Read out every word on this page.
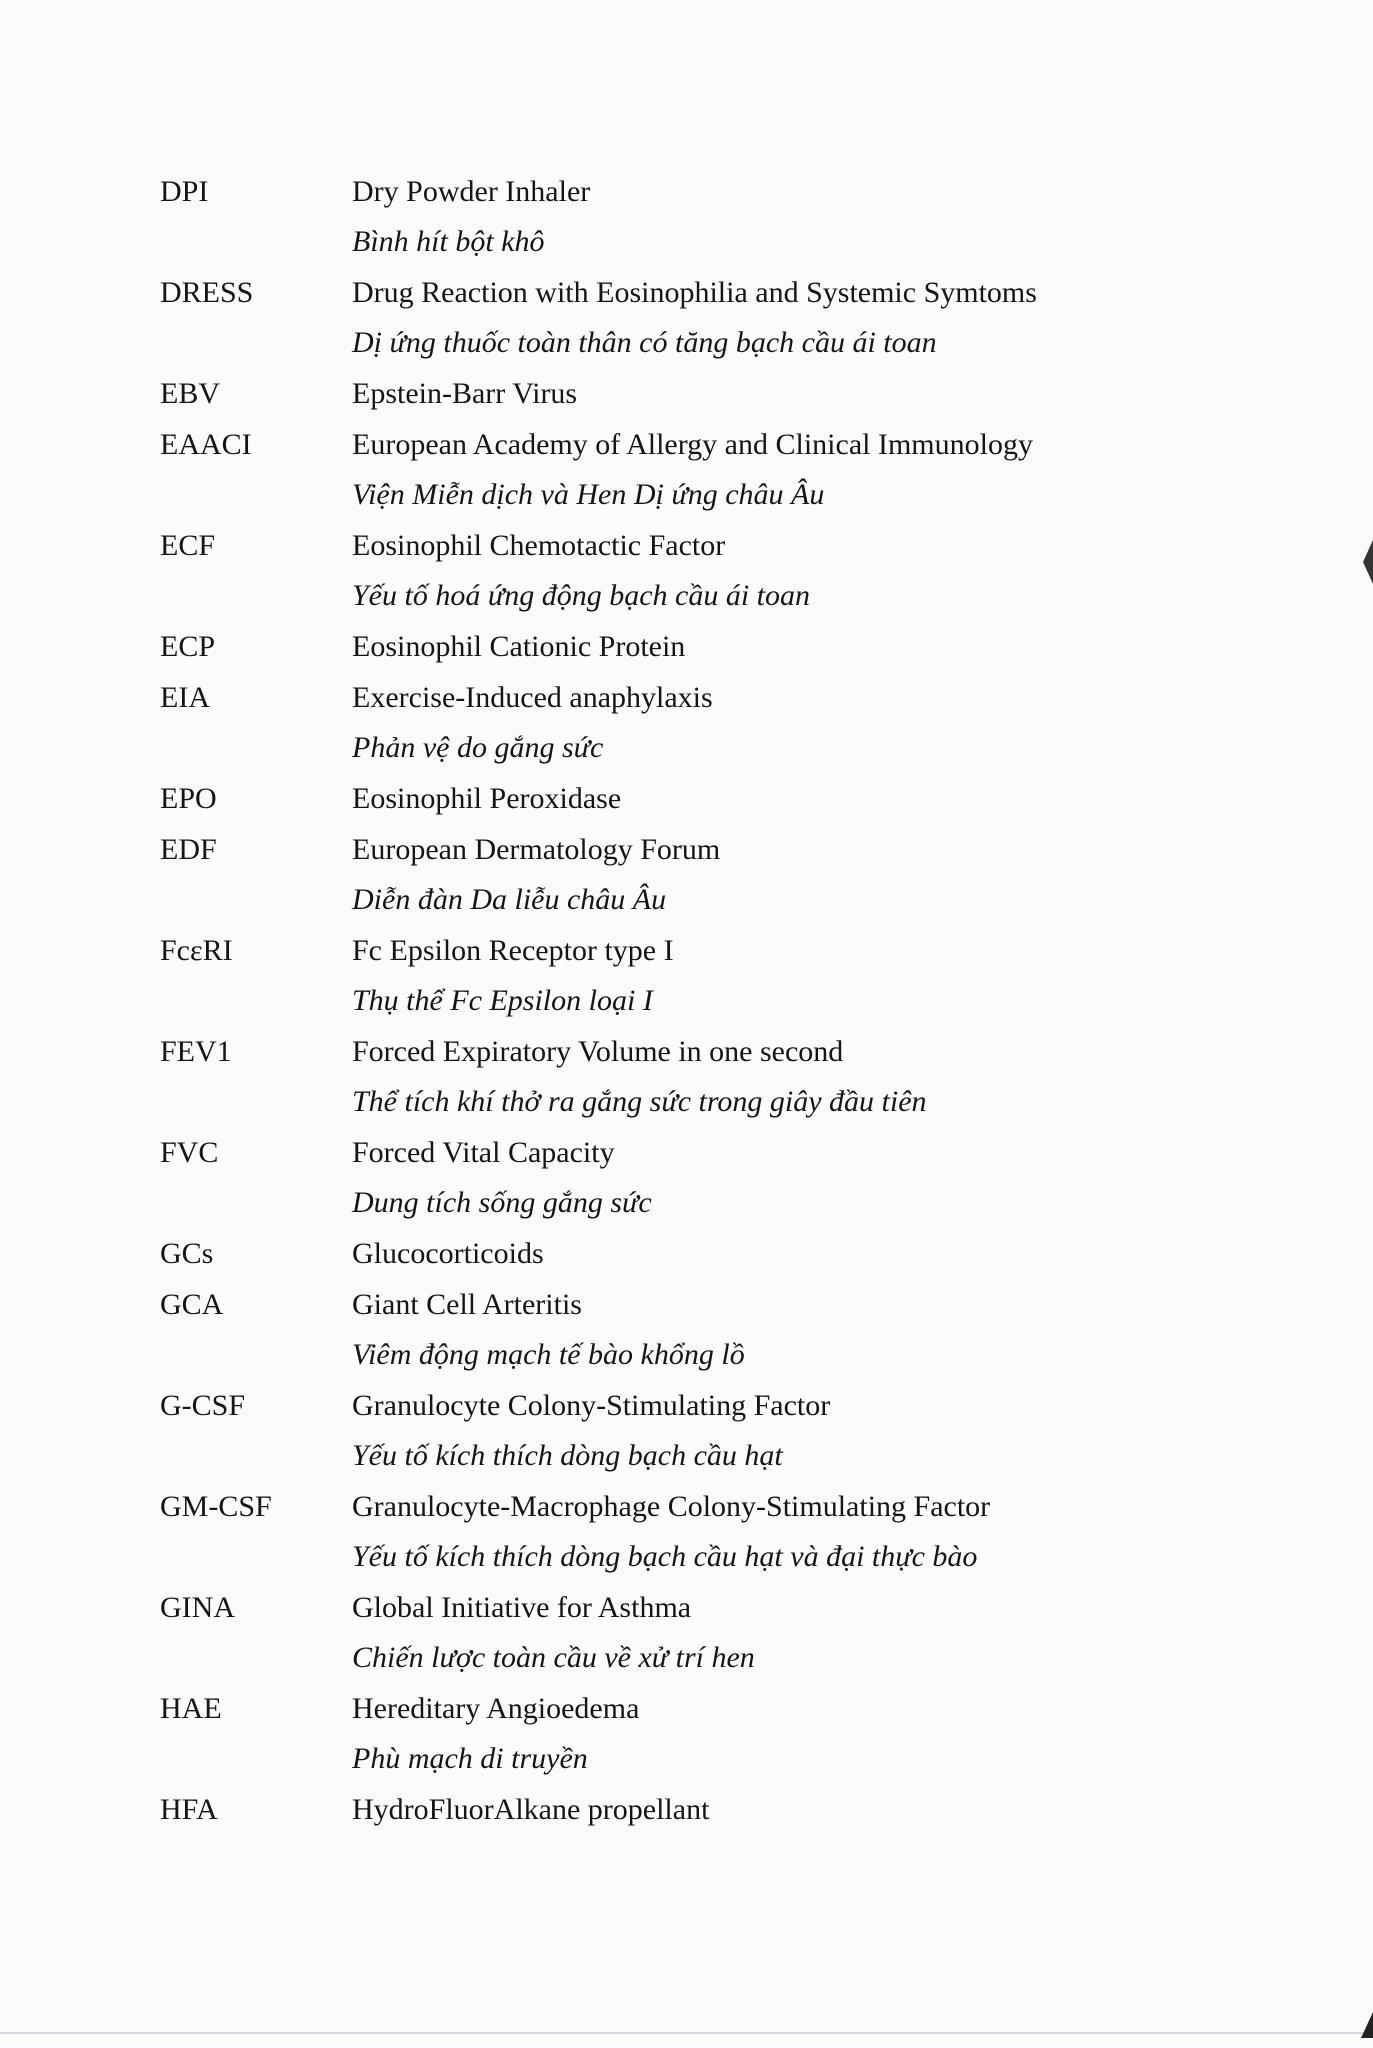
DPI	Dry Powder Inhaler
Bình hít bột khô
DRESS	Drug Reaction with Eosinophilia and Systemic Symtoms
Dị ứng thuốc toàn thân có tăng bạch cầu ái toan
EBV	Epstein-Barr Virus
EAACI	European Academy of Allergy and Clinical Immunology
Viện Miễn dịch và Hen Dị ứng châu Âu
ECF	Eosinophil Chemotactic Factor
Yếu tố hoá ứng động bạch cầu ái toan
ECP	Eosinophil Cationic Protein
EIA	Exercise-Induced anaphylaxis
Phản vệ do gắng sức
EPO	Eosinophil Peroxidase
EDF	European Dermatology Forum
Diễn đàn Da liễu châu Âu
FcεRI	Fc Epsilon Receptor type I
Thụ thể Fc Epsilon loại I
FEV1	Forced Expiratory Volume in one second
Thể tích khí thở ra gắng sức trong giây đầu tiên
FVC	Forced Vital Capacity
Dung tích sống gắng sức
GCs	Glucocorticoids
GCA	Giant Cell Arteritis
Viêm động mạch tế bào khổng lồ
G-CSF	Granulocyte Colony-Stimulating Factor
Yếu tố kích thích dòng bạch cầu hạt
GM-CSF	Granulocyte-Macrophage Colony-Stimulating Factor
Yếu tố kích thích dòng bạch cầu hạt và đại thực bào
GINA	Global Initiative for Asthma
Chiến lược toàn cầu về xử trí hen
HAE	Hereditary Angioedema
Phù mạch di truyền
HFA	HydroFluorAlkane propellant
